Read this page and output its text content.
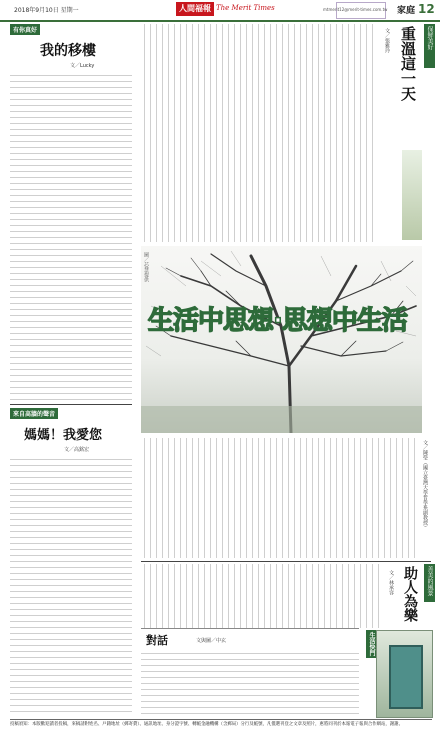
2018年9月10日 星期一	人間福報 The Merit Times	mtmerit12@merit-times.com.tw 家庭 12
有你真好
我的移樓
文／Lucky
來自高牆的聲音
媽媽！我愛您
文／高銘宏
保鮮美好
重溫這一天
文／張雅玲
圖／芯慧提供
生活中思想·思想中生活
文／陳瑩（國立臺灣大學哲學系副教授）
善美的風景
助人為樂
文／林承容
對話	文與圖／中玄	生活快門
投稿須知：本版歡迎讀者投稿，來稿請附姓名、戶籍地址（郵寄費）、通訊地址、身分證字號、轉帳金融機構（含郵局）分行及帳號，凡僅選刊登之文章及照片，惠將同刊於本報電子報與合作網站，謝謝。
